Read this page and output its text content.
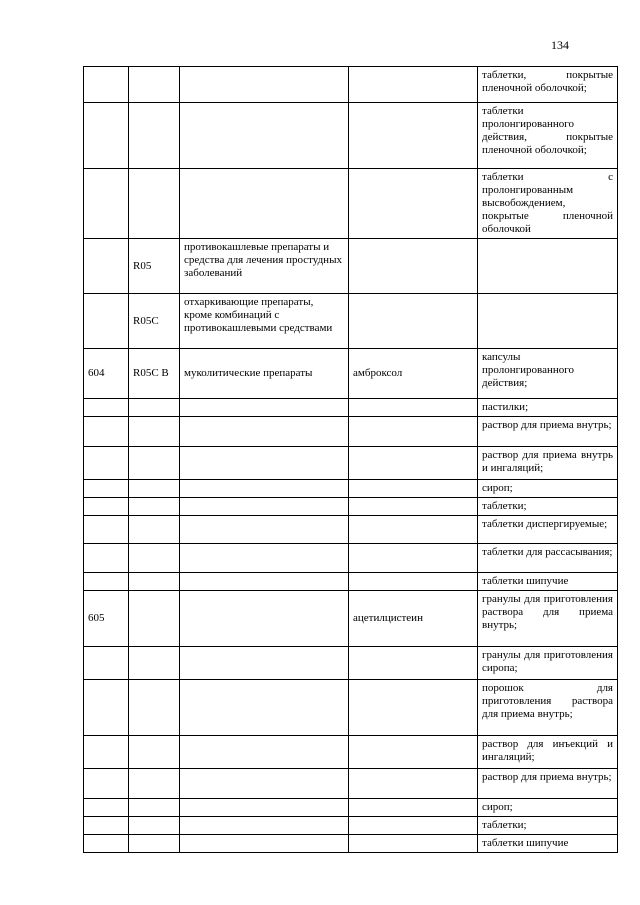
134
				таблетки, покрытые пленочной оболочкой;
				таблетки пролонгированного действия, покрытые пленочной оболочкой;
				таблетки с пролонгированным высвобождением, покрытые пленочной оболочкой
	R05	противокашлевые препараты и средства для лечения простудных заболеваний		
	R05C	отхаркивающие препараты, кроме комбинаций с противокашлевыми средствами		
604	R05C B	муколитические препараты	амброксол	капсулы пролонгированного действия;
				пастилки;
				раствор для приема внутрь;
				раствор для приема внутрь и ингаляций;
				сироп;
				таблетки;
				таблетки диспергируемые;
				таблетки для рассасывания;
				таблетки шипучие
605			ацетилцистеин	гранулы для приготовления раствора для приема внутрь;
				гранулы для приготовления сиропа;
				порошок для приготовления раствора для приема внутрь;
				раствор для инъекций и ингаляций;
				раствор для приема внутрь;
				сироп;
				таблетки;
				таблетки шипучие
